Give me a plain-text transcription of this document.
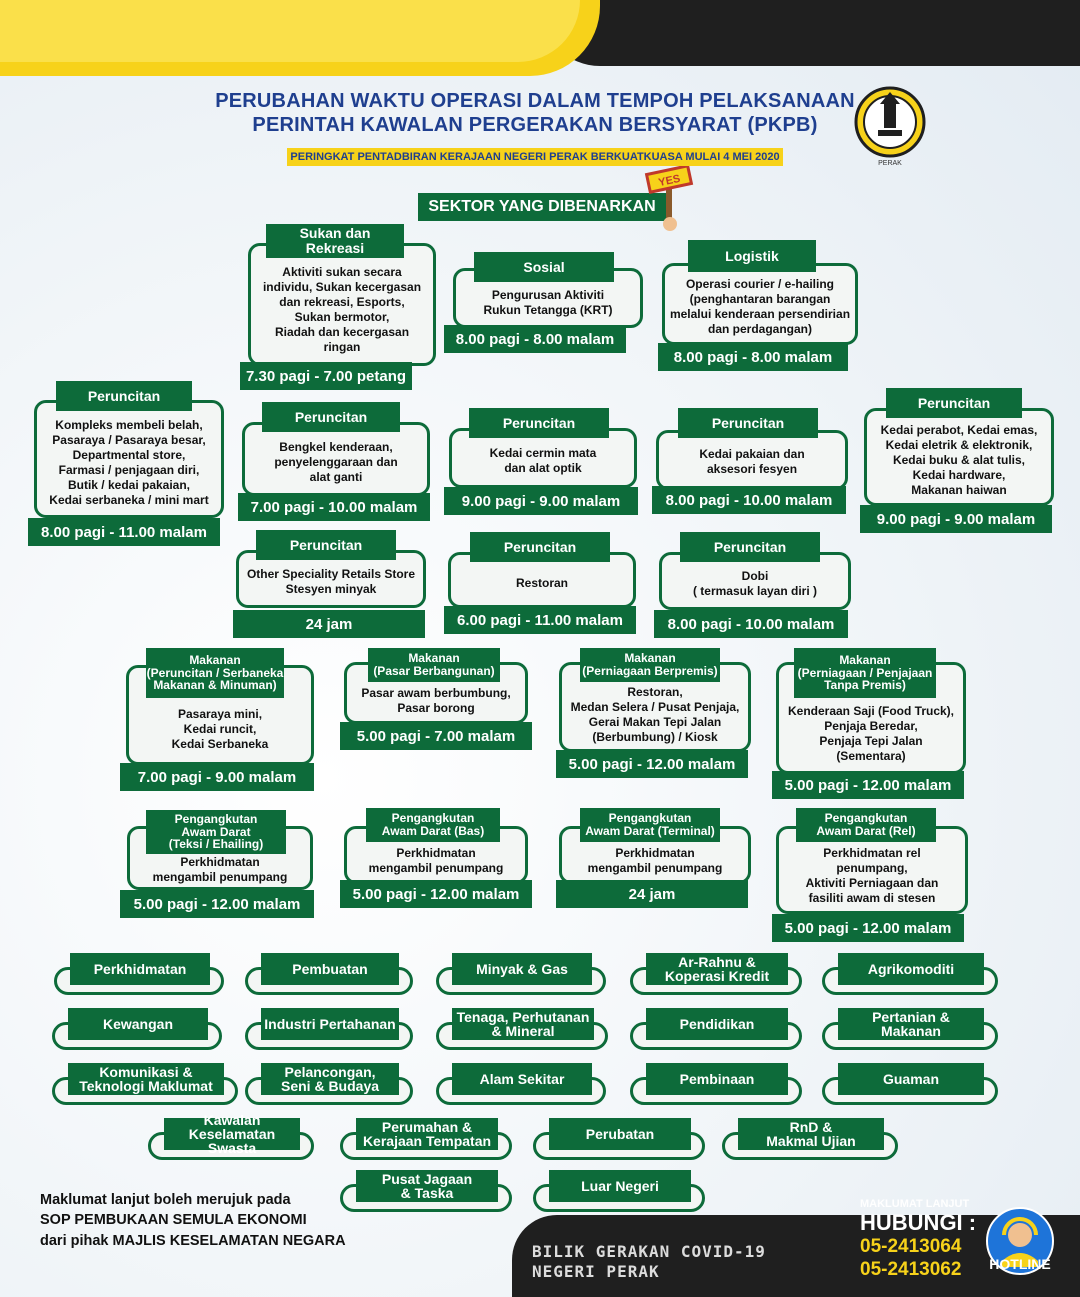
PERUBAHAN WAKTU OPERASI DALAM TEMPOH PELAKSANAAN
PERINTAH KAWALAN PERGERAKAN BERSYARAT (PKPB)
PERINGKAT PENTADBIRAN KERAJAAN NEGERI PERAK BERKUATKUASA MULAI 4 MEI 2020
PERAK
SEKTOR YANG DIBENARKAN
YES
Aktiviti sukan secara
individu, Sukan kecergasan
dan rekreasi, Esports,
Sukan bermotor,
Riadah dan kecergasan
ringan
Sukan dan
Rekreasi
7.30 pagi - 7.00 petang
Pengurusan Aktiviti
Rukun Tetangga (KRT)
Sosial
8.00 pagi - 8.00 malam
Operasi courier / e-hailing
(penghantaran barangan
melalui kenderaan persendirian
dan perdagangan)
Logistik
8.00 pagi - 8.00 malam
Kompleks membeli belah,
Pasaraya / Pasaraya besar,
Departmental store,
Farmasi / penjagaan diri,
Butik / kedai pakaian,
Kedai serbaneka / mini mart
Peruncitan
8.00 pagi - 11.00 malam
Bengkel kenderaan,
penyelenggaraan dan
alat ganti
Peruncitan
7.00 pagi - 10.00 malam
Kedai cermin mata
dan alat optik
Peruncitan
9.00 pagi - 9.00 malam
Kedai pakaian dan
aksesori fesyen
Peruncitan
8.00 pagi - 10.00 malam
Kedai perabot, Kedai emas,
Kedai eletrik & elektronik,
Kedai buku & alat tulis,
Kedai hardware,
Makanan haiwan
Peruncitan
9.00 pagi - 9.00 malam
Other Speciality Retails Store
Stesyen minyak
Peruncitan
24 jam
Restoran
Peruncitan
6.00 pagi - 11.00 malam
Dobi
( termasuk layan diri )
Peruncitan
8.00 pagi - 10.00 malam
Pasaraya mini,
Kedai runcit,
Kedai Serbaneka
Makanan
(Peruncitan / Serbaneka
Makanan & Minuman)
7.00 pagi - 9.00 malam
Pasar awam berbumbung,
Pasar borong
Makanan
(Pasar Berbangunan)
5.00 pagi - 7.00 malam
Restoran,
Medan Selera / Pusat Penjaja,
Gerai Makan Tepi Jalan
(Berbumbung) / Kiosk
Makanan
(Perniagaan Berpremis)
5.00 pagi - 12.00 malam
Kenderaan Saji (Food Truck),
Penjaja Beredar,
Penjaja Tepi Jalan
(Sementara)
Makanan
(Perniagaan / Penjajaan
Tanpa Premis)
5.00 pagi - 12.00 malam
Perkhidmatan
mengambil penumpang
Pengangkutan
Awam Darat
(Teksi / Ehailing)
5.00 pagi - 12.00 malam
Perkhidmatan
mengambil penumpang
Pengangkutan
Awam Darat (Bas)
5.00 pagi - 12.00 malam
Perkhidmatan
mengambil penumpang
Pengangkutan
Awam Darat (Terminal)
24 jam
Perkhidmatan rel
penumpang,
Aktiviti Perniagaan dan
fasiliti awam di stesen
Pengangkutan
Awam Darat (Rel)
5.00 pagi - 12.00 malam
Perkhidmatan	Pembuatan	Minyak & Gas	Ar-Rahnu &
Koperasi Kredit	Agrikomoditi
Kewangan	Industri Pertahanan	Tenaga, Perhutanan
& Mineral	Pendidikan	Pertanian &
Makanan
Komunikasi &
Teknologi Maklumat
Pelancongan,
Seni & Budaya	Alam Sekitar	Pembinaan	Guaman
Kawalan
Keselamatan Swasta
Perumahan &
Kerajaan Tempatan	Perubatan	RnD &
Makmal Ujian
Pusat Jagaan
& Taska	Luar Negeri
Maklumat lanjut boleh merujuk pada
SOP PEMBUKAAN SEMULA EKONOMI
dari pihak MAJLIS KESELAMATAN NEGARA
BILIK GERAKAN COVID-19
NEGERI PERAK
MAKLUMAT LANJUT
HUBUNGI :
05-2413064
05-2413062	HOTLINE
